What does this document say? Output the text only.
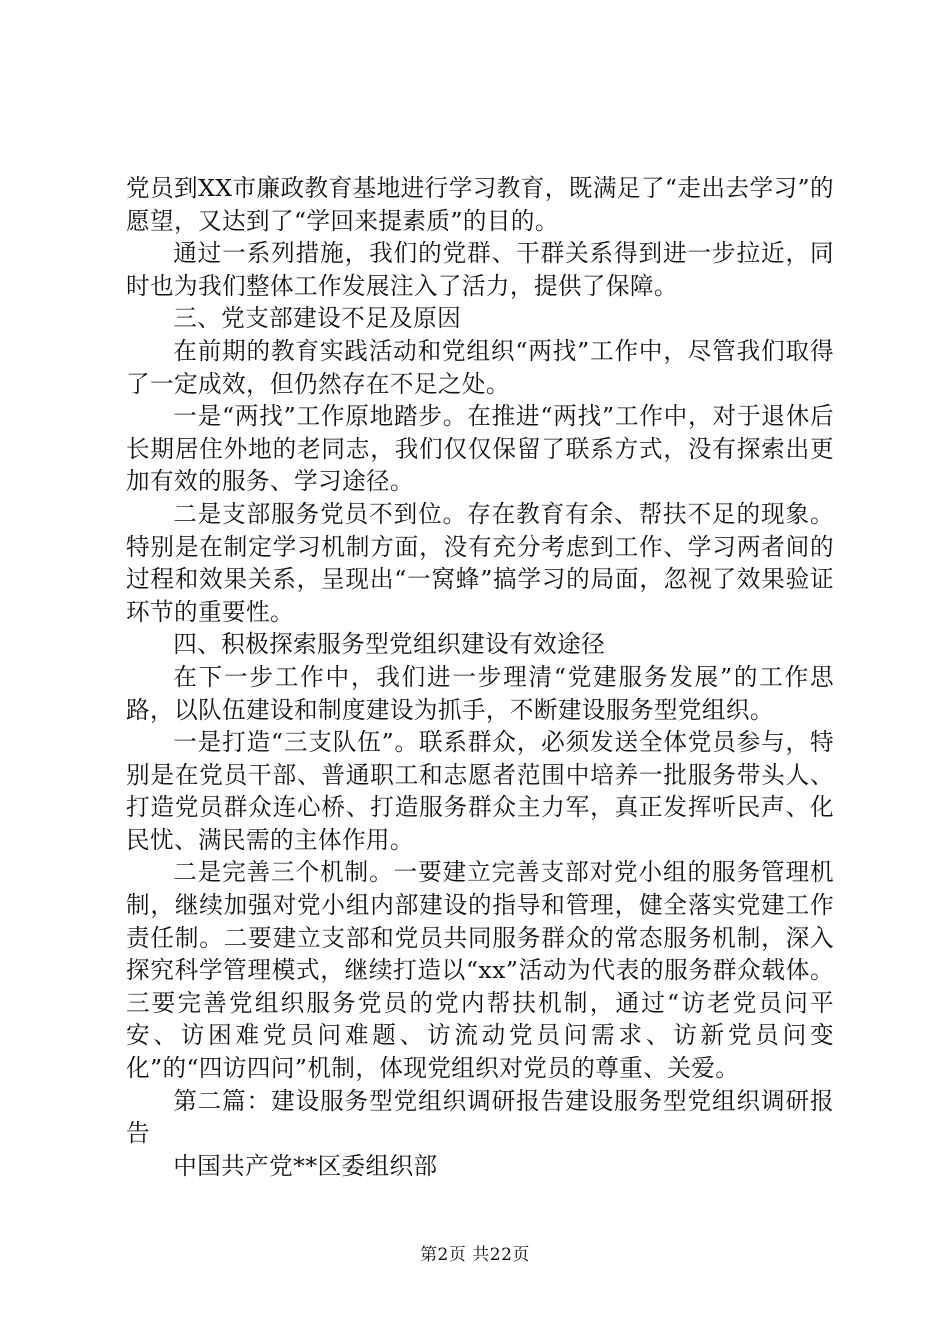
党员到XX市廉政教育基地进行学习教育，既满足了“走出去学习”的愿望，又达到了“学回来提素质”的目的。

通过一系列措施，我们的党群、干群关系得到进一步拉近，同时也为我们整体工作发展注入了活力，提供了保障。

三、党支部建设不足及原因

在前期的教育实践活动和党组织“两找”工作中，尽管我们取得了一定成效，但仍然存在不足之处。

一是“两找”工作原地踏步。在推进“两找”工作中，对于退休后长期居住外地的老同志，我们仅仅保留了联系方式，没有探索出更加有效的服务、学习途径。

二是支部服务党员不到位。存在教育有余、帮扶不足的现象。特别是在制定学习机制方面，没有充分考虑到工作、学习两者间的过程和效果关系，呈现出“一窝蜂”搞学习的局面，忽视了效果验证环节的重要性。

四、积极探索服务型党组织建设有效途径

在下一步工作中，我们进一步理清“党建服务发展”的工作思路，以队伍建设和制度建设为抓手，不断建设服务型党组织。

一是打造“三支队伍”。联系群众，必须发送全体党员参与，特别是在党员干部、普通职工和志愿者范围中培养一批服务带头人、打造党员群众连心桥、打造服务群众主力军，真正发挥听民声、化民忧、满民需的主体作用。

二是完善三个机制。一要建立完善支部对党小组的服务管理机制，继续加强对党小组内部建设的指导和管理，健全落实党建工作责任制。二要建立支部和党员共同服务群众的常态服务机制，深入探究科学管理模式，继续打造以“xx”活动为代表的服务群众载体。三要完善党组织服务党员的党内帮扶机制，通过“访老党员问平安、访困难党员问难题、访流动党员问需求、访新党员问变化”的“四访四问”机制，体现党组织对党员的尊重、关爱。

第二篇：建设服务型党组织调研报告建设服务型党组织调研报告

中国共产党**区委组织部

第2页 共22页
